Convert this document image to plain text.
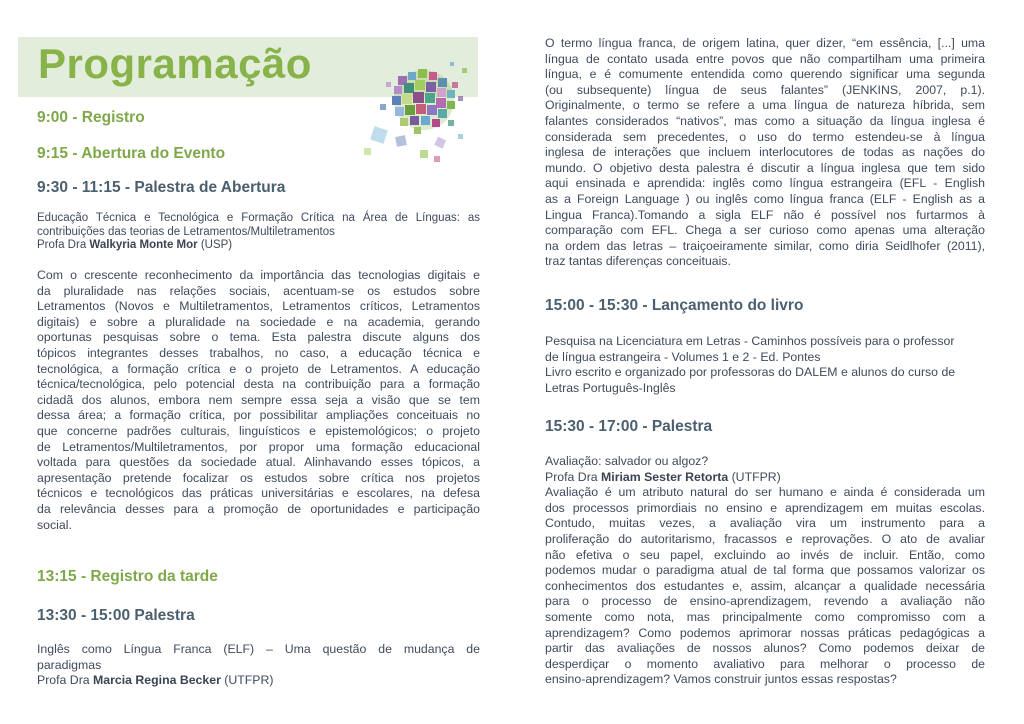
Programação
9:00 - Registro
9:15 - Abertura do Evento
9:30 - 11:15 - Palestra de Abertura
Educação Técnica e Tecnológica e Formação Crítica na Área de Línguas: as
contribuições das teorias de Letramentos/Multiletramentos
Profa Dra Walkyria Monte Mor (USP)
Com o crescente reconhecimento da importância das tecnologias digitais e
da pluralidade nas relações sociais, acentuam-se os estudos sobre
Letramentos (Novos e Multiletramentos, Letramentos críticos, Letramentos
digitais) e sobre a pluralidade na sociedade e na academia, gerando
oportunas pesquisas sobre o tema. Esta palestra discute alguns dos
tópicos integrantes desses trabalhos, no caso, a educação técnica e
tecnológica, a formação crítica e o projeto de Letramentos. A educação
técnica/tecnológica, pelo potencial desta na contribuição para a formação
cidadã dos alunos, embora nem sempre essa seja a visão que se tem
dessa área; a formação crítica, por possibilitar ampliações conceituais no
que concerne padrões culturais, linguísticos e epistemológicos; o projeto
de Letramentos/Multiletramentos, por propor uma formação educacional
voltada para questões da sociedade atual. Alinhavando esses tópicos, a
apresentação pretende focalizar os estudos sobre crítica nos projetos
técnicos e tecnológicos das práticas universitárias e escolares, na defesa
da relevância desses para a promoção de oportunidades e participação
social.
13:15 - Registro da tarde
13:30 - 15:00 Palestra
Inglês como Língua Franca (ELF) – Uma questão de mudança de
paradigmas
Profa Dra Marcia Regina Becker (UTFPR)
O termo língua franca, de origem latina, quer dizer, “em essência, [...] uma
língua de contato usada entre povos que não compartilham uma primeira
língua, e é comumente entendida como querendo significar uma segunda
(ou subsequente) língua de seus falantes” (JENKINS, 2007, p.1).
Originalmente, o termo se refere a uma língua de natureza híbrida, sem
falantes considerados “nativos”, mas como a situação da língua inglesa é
considerada sem precedentes, o uso do termo estendeu-se à língua
inglesa de interações que incluem interlocutores de todas as nações do
mundo. O objetivo desta palestra é discutir a língua inglesa que tem sido
aqui ensinada e aprendida: inglês como língua estrangeira (EFL - English
as a Foreign Language ) ou inglês como língua franca (ELF - English as a
Lingua Franca).Tomando a sigla ELF não é possível nos furtarmos à
comparação com EFL. Chega a ser curioso como apenas uma alteração
na ordem das letras – traiçoeiramente similar, como diria Seidlhofer (2011),
traz tantas diferenças conceituais.
15:00 - 15:30 - Lançamento do livro
Pesquisa na Licenciatura em Letras - Caminhos possíveis para o professor
de língua estrangeira - Volumes 1 e 2 - Ed. Pontes
Livro escrito e organizado por professoras do DALEM e alunos do curso de
Letras Português-Inglês
15:30 - 17:00 - Palestra
Avaliação: salvador ou algoz?
Profa Dra Miriam Sester Retorta (UTFPR)
Avaliação é um atributo natural do ser humano e ainda é considerada um
dos processos primordiais no ensino e aprendizagem em muitas escolas.
Contudo, muitas vezes, a avaliação vira um instrumento para a
proliferação do autoritarismo, fracassos e reprovações. O ato de avaliar
não efetiva o seu papel, excluindo ao invés de incluir. Então, como
podemos mudar o paradigma atual de tal forma que possamos valorizar os
conhecimentos dos estudantes e, assim, alcançar a qualidade necessária
para o processo de ensino-aprendizagem, revendo a avaliação não
somente como nota, mas principalmente como compromisso com a
aprendizagem? Como podemos aprimorar nossas práticas pedagógicas a
partir das avaliações de nossos alunos? Como podemos deixar de
desperdiçar o momento avaliativo para melhorar o processo de
ensino-aprendizagem? Vamos construir juntos essas respostas?
